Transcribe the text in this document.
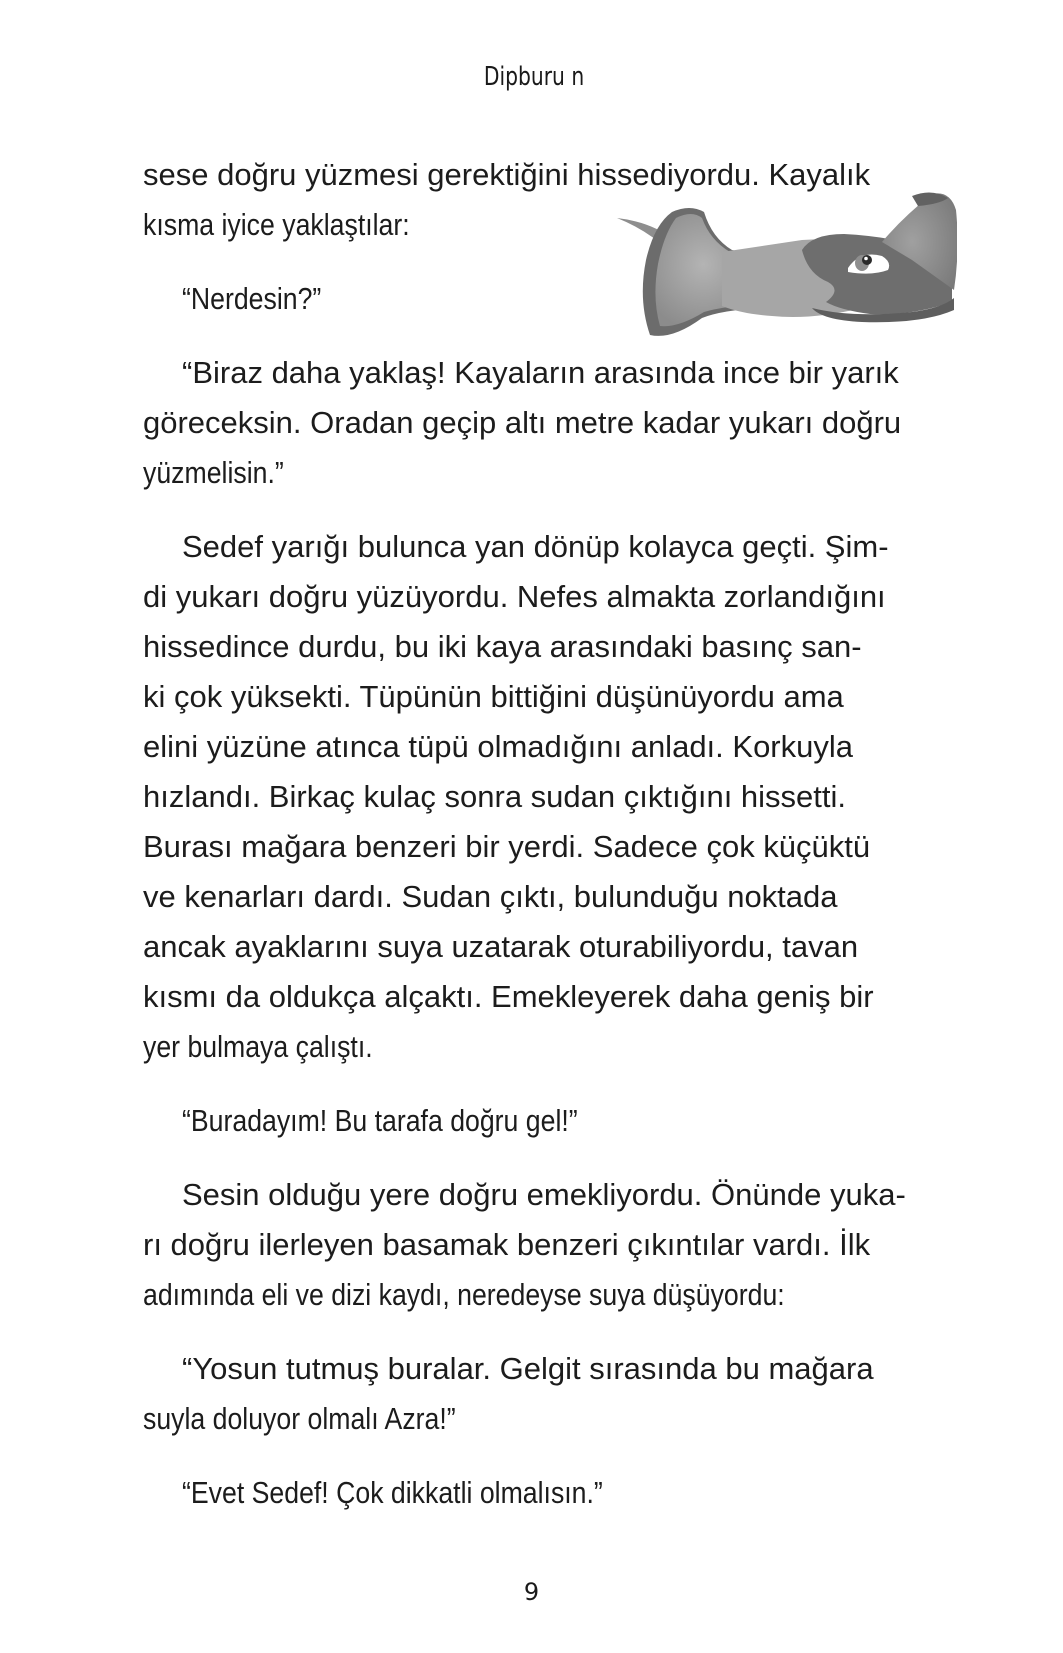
Dipburu n
sese doğru yüzmesi gerektiğini hissediyordu. Kayalık
kısma iyice yaklaştılar:
“Nerdesin?”
“Biraz daha yaklaş! Kayaların arasında ince bir yarık
göreceksin. Oradan geçip altı metre kadar yukarı doğru
yüzmelisin.”
Sedef yarığı bulunca yan dönüp kolayca geçti. Şim-
di yukarı doğru yüzüyordu. Nefes almakta zorlandığını
hissedince durdu, bu iki kaya arasındaki basınç san-
ki çok yüksekti. Tüpünün bittiğini düşünüyordu ama
elini yüzüne atınca tüpü olmadığını anladı. Korkuyla
hızlandı. Birkaç kulaç sonra sudan çıktığını hissetti.
Burası mağara benzeri bir yerdi. Sadece çok küçüktü
ve kenarları dardı. Sudan çıktı, bulunduğu noktada
ancak ayaklarını suya uzatarak oturabiliyordu, tavan
kısmı da oldukça alçaktı. Emekleyerek daha geniş bir
yer bulmaya çalıştı.
“Buradayım! Bu tarafa doğru gel!”
Sesin olduğu yere doğru emekliyordu. Önünde yuka-
rı doğru ilerleyen basamak benzeri çıkıntılar vardı. İlk
adımında eli ve dizi kaydı, neredeyse suya düşüyordu:
“Yosun tutmuş buralar. Gelgit sırasında bu mağara
suyla doluyor olmalı Azra!”
“Evet Sedef! Çok dikkatli olmalısın.”
9
